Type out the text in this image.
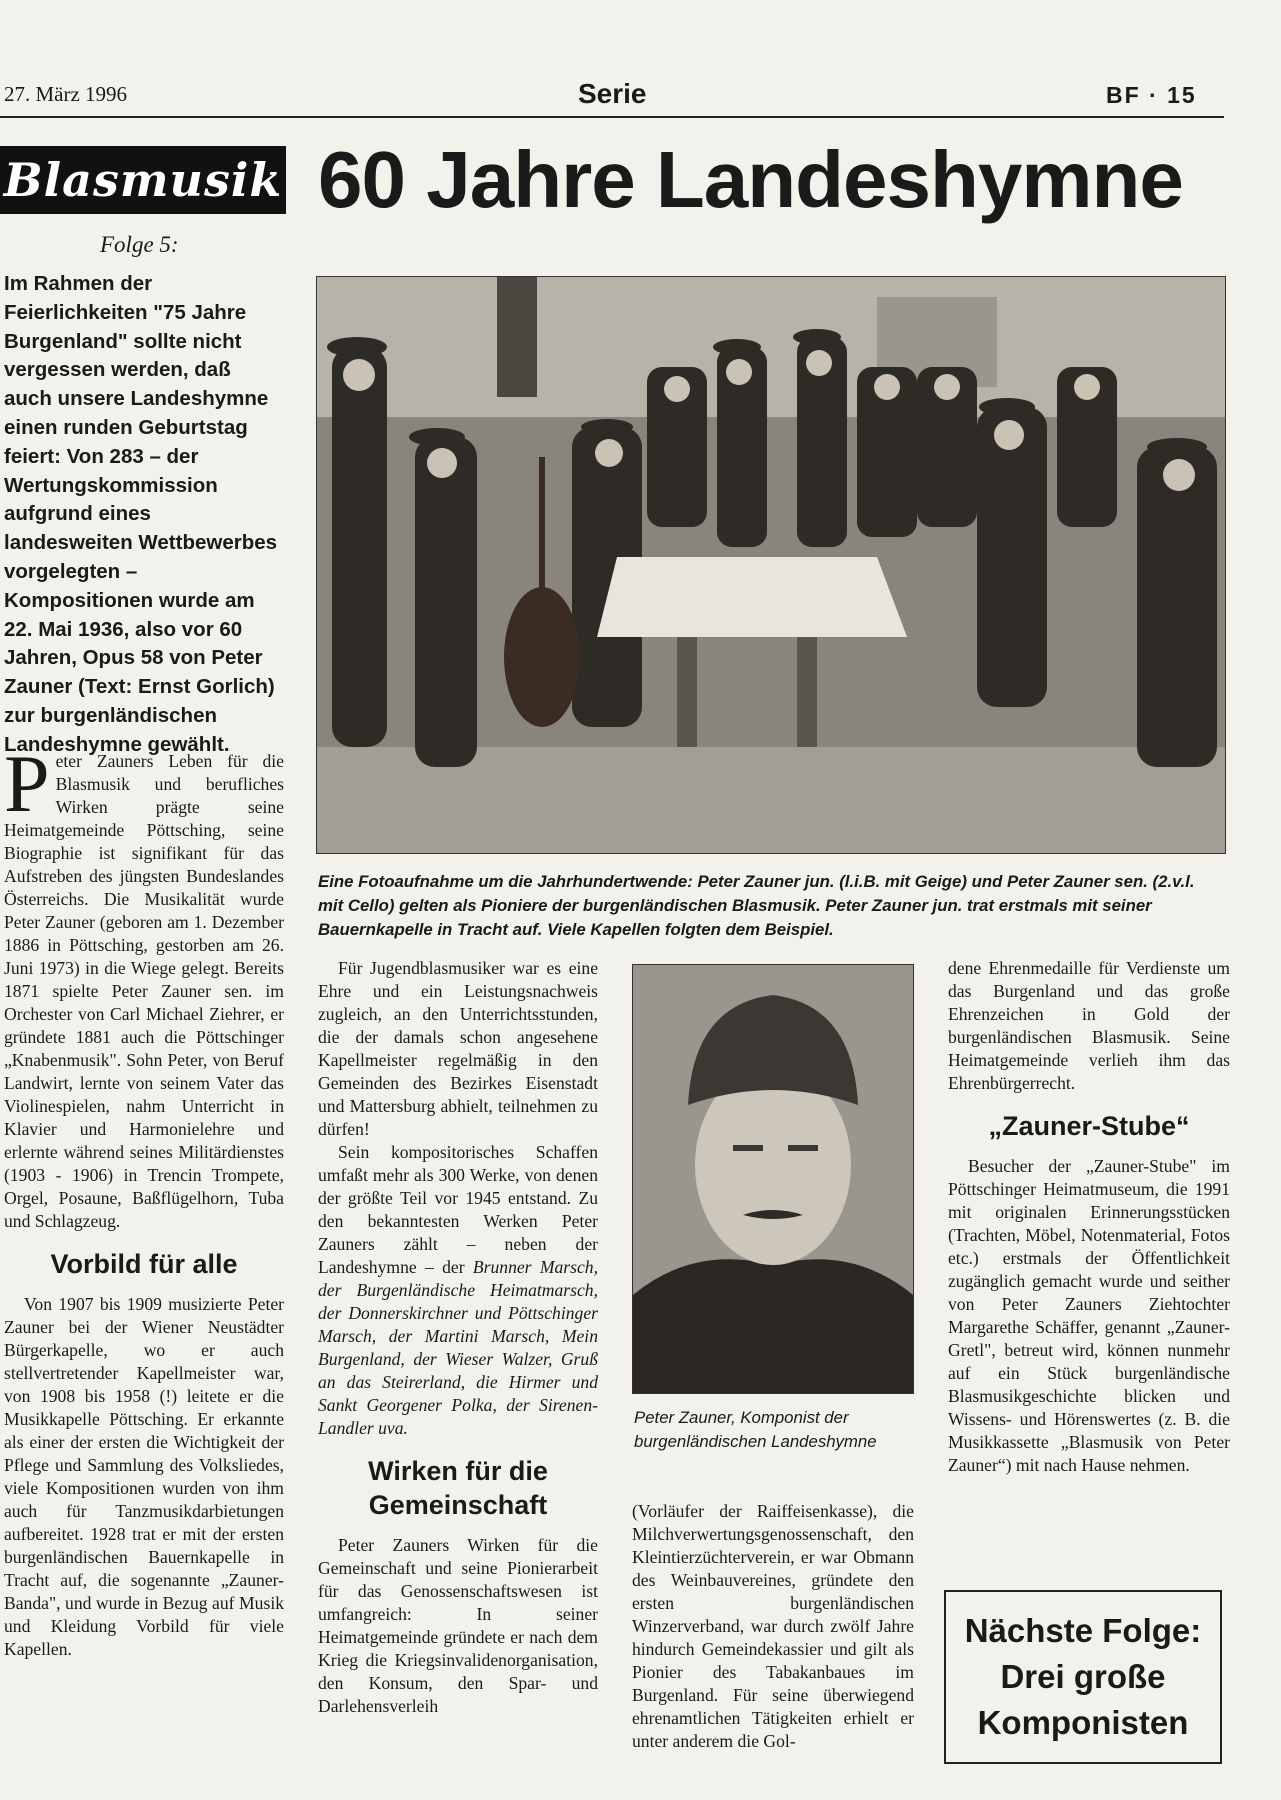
27. März 1996	Serie	BF · 15
Blasmusik 60 Jahre Landeshymne
Folge 5:
Im Rahmen der Feierlichkeiten "75 Jahre Burgenland" sollte nicht vergessen werden, daß auch unsere Landeshymne einen runden Geburtstag feiert: Von 283 – der Wertungskommission aufgrund eines landesweiten Wettbewerbes vorgelegten – Kompositionen wurde am 22. Mai 1936, also vor 60 Jahren, Opus 58 von Peter Zauner (Text: Ernst Gorlich) zur burgenländischen Landeshymne gewählt.
Eine Fotoaufnahme um die Jahrhundertwende: Peter Zauner jun. (l.i.B. mit Geige) und Peter Zauner sen. (2.v.l. mit Cello) gelten als Pioniere der burgenländischen Blasmusik. Peter Zauner jun. trat erstmals mit seiner Bauernkapelle in Tracht auf. Viele Kapellen folgten dem Beispiel.

Peter Zauners Leben für die Blasmusik und berufliches Wirken prägte seine Heimatgemeinde Pöttsching, seine Biographie ist signifikant für das Aufstreben des jüngsten Bundeslandes Österreichs. Die Musikalität wurde Peter Zauner (geboren am 1. Dezember 1886 in Pöttsching, gestorben am 26. Juni 1973) in die Wiege gelegt. Bereits 1871 spielte Peter Zauner sen. im Orchester von Carl Michael Ziehrer, er gründete 1881 auch die Pöttschinger „Knabenmusik". Sohn Peter, von Beruf Landwirt, lernte von seinem Vater das Violinespielen, nahm Unterricht in Klavier und Harmonielehre und erlernte während seines Militärdienstes (1903 - 1906) in Trencin Trompete, Orgel, Posaune, Baßflügelhorn, Tuba und Schlagzeug.

Vorbild für alle

Von 1907 bis 1909 musizierte Peter Zauner bei der Wiener Neustädter Bürgerkapelle, wo er auch stellvertretender Kapellmeister war, von 1908 bis 1958 (!) leitete er die Musikkapelle Pöttsching. Er erkannte als einer der ersten die Wichtigkeit der Pflege und Sammlung des Volksliedes, viele Kompositionen wurden von ihm auch für Tanzmusikdarbietungen aufbereitet. 1928 trat er mit der ersten burgenländischen Bauernkapelle in Tracht auf, die sogenannte „Zauner-Banda", und wurde in Bezug auf Musik und Kleidung Vorbild für viele Kapellen.

Für Jugendblasmusiker war es eine Ehre und ein Leistungsnachweis zugleich, an den Unterrichtsstunden, die der damals schon angesehene Kapellmeister regelmäßig in den Gemeinden des Bezirkes Eisenstadt und Mattersburg abhielt, teilnehmen zu dürfen!

Sein kompositorisches Schaffen umfaßt mehr als 300 Werke, von denen der größte Teil vor 1945 entstand. Zu den bekanntesten Werken Peter Zauners zählt – neben der Landeshymne – der Brunner Marsch, der Burgenländische Heimatmarsch, der Donnerskirchner und Pöttschinger Marsch, der Martini Marsch, Mein Burgenland, der Wieser Walzer, Gruß an das Steirerland, die Hirmer und Sankt Georgener Polka, der Sirenen-Landler uva.

Wirken für die Gemeinschaft

Peter Zauners Wirken für die Gemeinschaft und seine Pionierarbeit für das Genossenschaftswesen ist umfangreich: In seiner Heimatgemeinde gründete er nach dem Krieg die Kriegsinvalidenorganisation, den Konsum, den Spar- und Darlehensverleih

Peter Zauner, Komponist der burgenländischen Landeshymne

(Vorläufer der Raiffeisenkasse), die Milchverwertungsgenossenschaft, den Kleintierzüchterverein, er war Obmann des Weinbauvereines, gründete den ersten burgenländischen Winzerverband, war durch zwölf Jahre hindurch Gemeindekassier und gilt als Pionier des Tabakanbaues im Burgenland. Für seine überwiegend ehrenamtlichen Tätigkeiten erhielt er unter anderem die Gol-

dene Ehrenmedaille für Verdienste um das Burgenland und das große Ehrenzeichen in Gold der burgenländischen Blasmusik. Seine Heimatgemeinde verlieh ihm das Ehrenbürgerrecht.

„Zauner-Stube“

Besucher der „Zauner-Stube" im Pöttschinger Heimatmuseum, die 1991 mit originalen Erinnerungsstücken (Trachten, Möbel, Notenmaterial, Fotos etc.) erstmals der Öffentlichkeit zugänglich gemacht wurde und seither von Peter Zauners Ziehtochter Margarethe Schäffer, genannt „Zauner-Gretl", betreut wird, können nunmehr auf ein Stück burgenländische Blasmusikgeschichte blicken und Wissens- und Hörenswertes (z. B. die Musikkassette „Blasmusik von Peter Zauner“) mit nach Hause nehmen.

Nächste Folge:
Drei große
Komponisten
